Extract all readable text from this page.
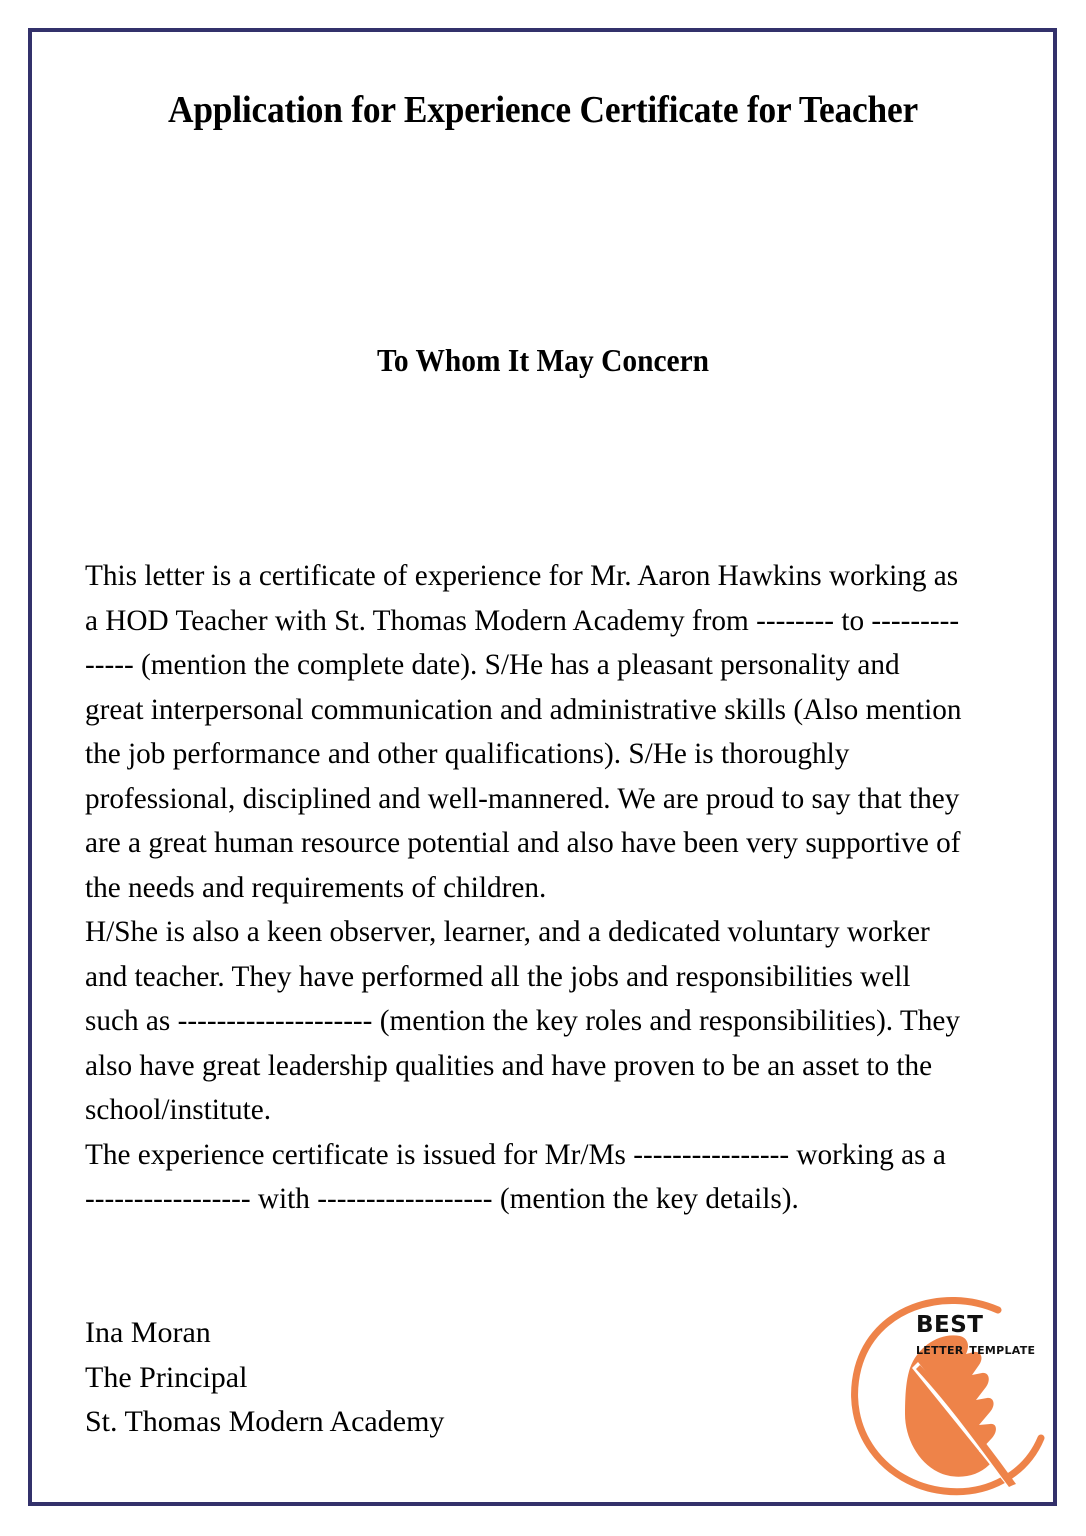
Application for Experience Certificate for Teacher
To Whom It May Concern

This letter is a certificate of experience for Mr. Aaron Hawkins working as a HOD Teacher with St. Thomas Modern Academy from -------- to -------------- (mention the complete date). S/He has a pleasant personality and great interpersonal communication and administrative skills (Also mention the job performance and other qualifications). S/He is thoroughly professional, disciplined and well-mannered. We are proud to say that they are a great human resource potential and also have been very supportive of the needs and requirements of children.

H/She is also a keen observer, learner, and a dedicated voluntary worker and teacher. They have performed all the jobs and responsibilities well such as -------------------- (mention the key roles and responsibilities). They also have great leadership qualities and have proven to be an asset to the school/institute.

The experience certificate is issued for Mr/Ms ---------------- working as a ----------------- with ------------------ (mention the key details).

Ina Moran
The Principal
St. Thomas Modern Academy
best
letter template
